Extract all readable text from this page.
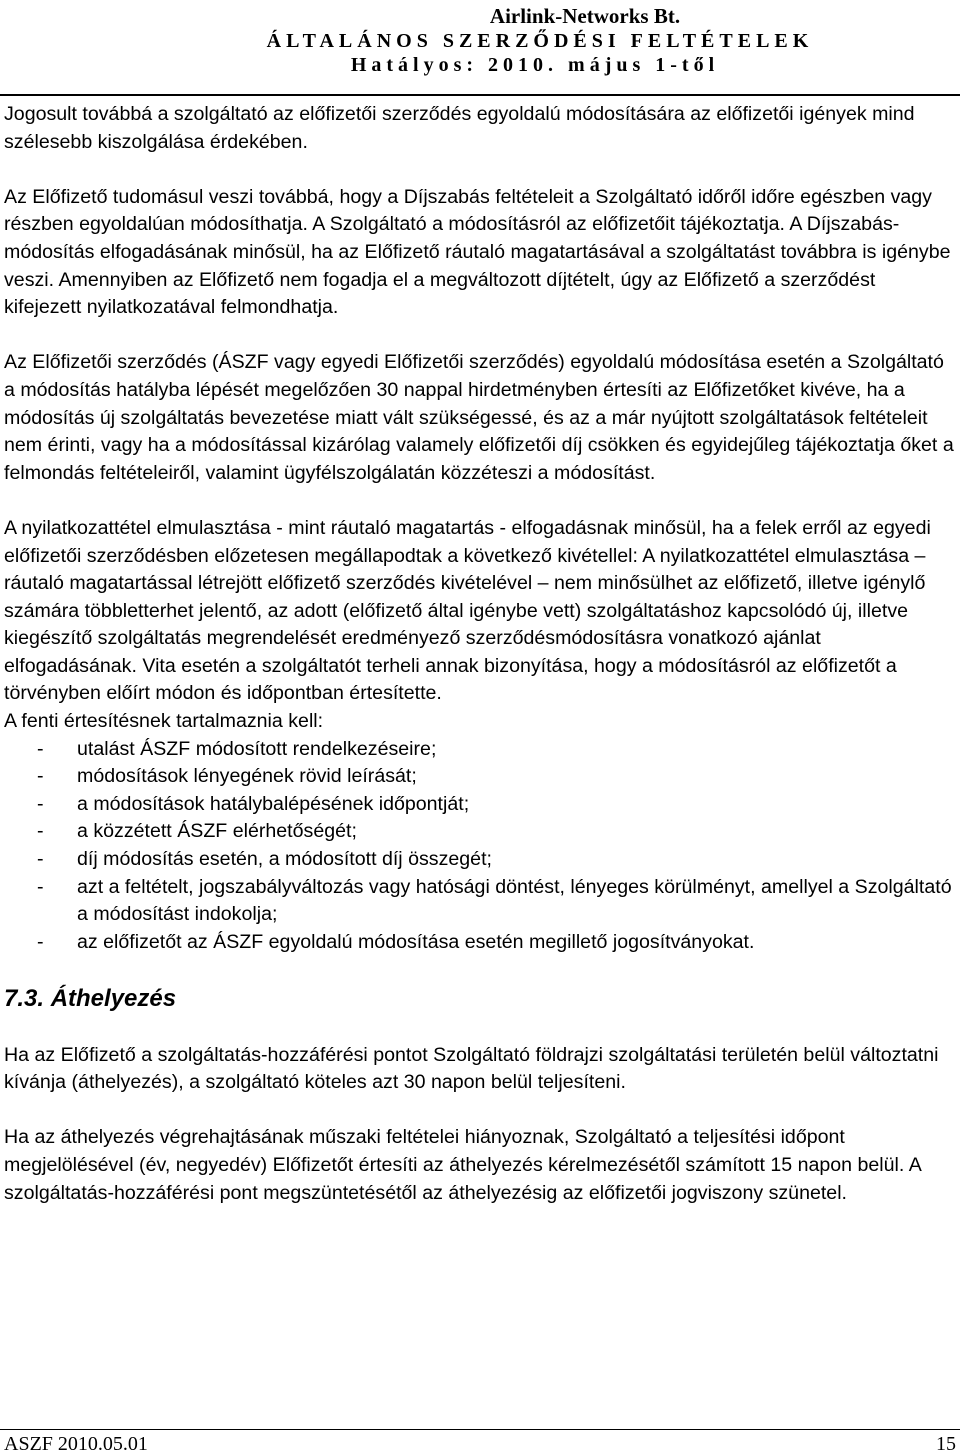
Airlink-Networks Bt.
ÁLTALÁNOS SZERZŐDÉSI FELTÉTELEK
Hatályos: 2010. május 1-től

Jogosult továbbá a szolgáltató az előfizetői szerződés egyoldalú módosítására az előfizetői igények mind szélesebb kiszolgálása érdekében.

Az Előfizető tudomásul veszi továbbá, hogy a Díjszabás feltételeit a Szolgáltató időről időre egészben vagy részben egyoldalúan módosíthatja. A Szolgáltató a módosításról az előfizetőit tájékoztatja. A Díjszabás-módosítás elfogadásának minősül, ha az Előfizető ráutaló magatartásával a szolgáltatást továbbra is igénybe veszi. Amennyiben az Előfizető nem fogadja el a megváltozott díjtételt, úgy az Előfizető a szerződést kifejezett nyilatkozatával felmondhatja.

Az Előfizetői szerződés (ÁSZF vagy egyedi Előfizetői szerződés) egyoldalú módosítása esetén a Szolgáltató a módosítás hatályba lépését megelőzően 30 nappal hirdetményben értesíti az Előfizetőket kivéve, ha a módosítás új szolgáltatás bevezetése miatt vált szükségessé, és az a már nyújtott szolgáltatások feltételeit nem érinti, vagy ha a módosítással kizárólag valamely előfizetői díj csökken és egyidejűleg tájékoztatja őket a felmondás feltételeiről, valamint ügyfélszolgálatán közzéteszi a módosítást.

A nyilatkozattétel elmulasztása - mint ráutaló magatartás - elfogadásnak minősül, ha a felek erről az egyedi előfizetői szerződésben előzetesen megállapodtak a következő kivétellel: A nyilatkozattétel elmulasztása – ráutaló magatartással létrejött előfizető szerződés kivételével – nem minősülhet az előfizető, illetve igénylő számára többletterhet jelentő, az adott (előfizető által igénybe vett) szolgáltatáshoz kapcsolódó új, illetve kiegészítő szolgáltatás megrendelését eredményező szerződésmódosításra vonatkozó ajánlat elfogadásának. Vita esetén a szolgáltatót terheli annak bizonyítása, hogy a módosításról az előfizetőt a törvényben előírt módon és időpontban értesítette.

A fenti értesítésnek tartalmaznia kell:

- utalást ÁSZF módosított rendelkezéseire;
- módosítások lényegének rövid leírását;
- a módosítások hatálybalépésének időpontját;
- a közzétett ÁSZF elérhetőségét;
- díj módosítás esetén, a módosított díj összegét;
- azt a feltételt, jogszabályváltozás vagy hatósági döntést, lényeges körülményt, amellyel a Szolgáltató a módosítást indokolja;
- az előfizetőt az ÁSZF egyoldalú módosítása esetén megillető jogosítványokat.

7.3. Áthelyezés

Ha az Előfizető a szolgáltatás-hozzáférési pontot Szolgáltató földrajzi szolgáltatási területén belül változtatni kívánja (áthelyezés), a szolgáltató köteles azt 30 napon belül teljesíteni.

Ha az áthelyezés végrehajtásának műszaki feltételei hiányoznak, Szolgáltató a teljesítési időpont megjelölésével (év, negyedév) Előfizetőt értesíti az áthelyezés kérelmezésétől számított 15 napon belül. A szolgáltatás-hozzáférési pont megszüntetésétől az áthelyezésig az előfizetői jogviszony szünetel.

ASZF 2010.05.01	15
